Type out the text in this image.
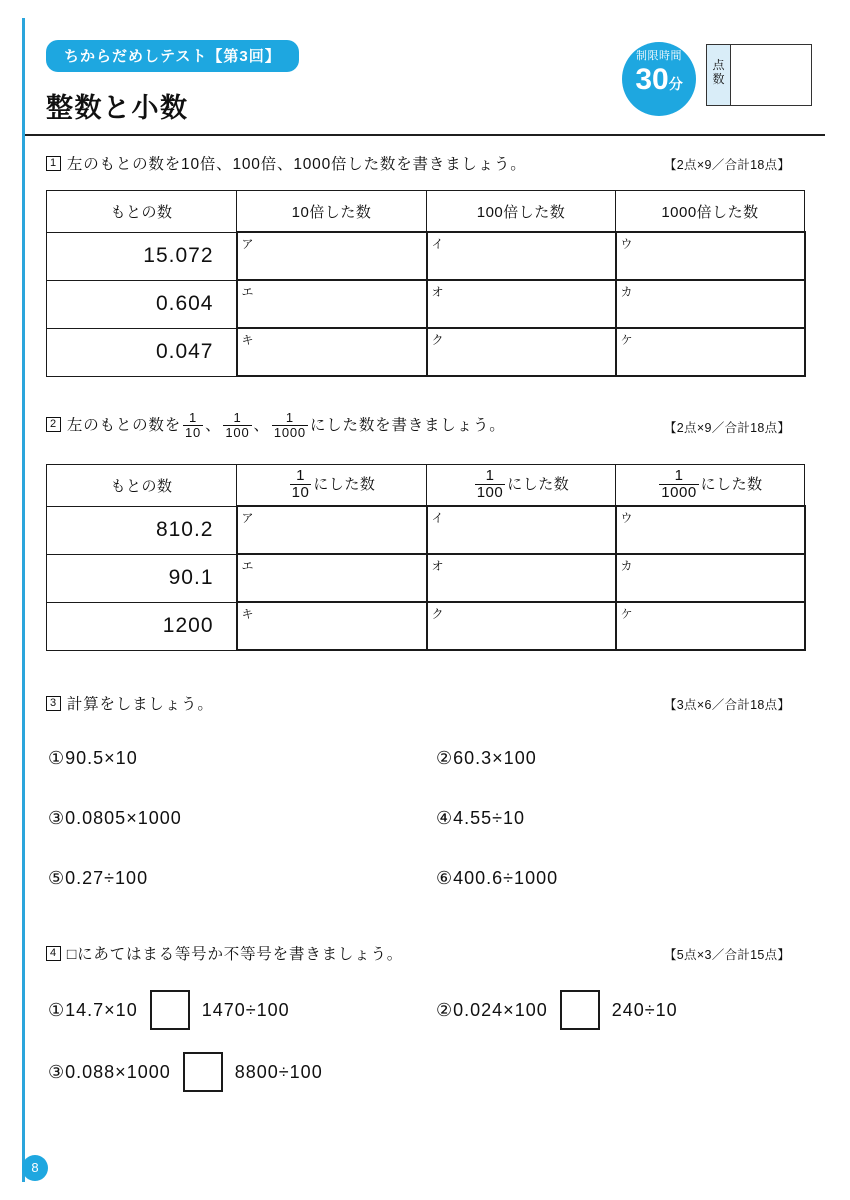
ちからだめしテスト【第3回】
整数と小数
制限時間
30分
点数
1 左のもとの数を10倍、100倍、1000倍した数を書きましょう。	【2点×9／合計18点】
もとの数	10倍した数	100倍した数	1000倍した数
15.072	ア	イ	ウ

0.604	エ	オ	カ

0.047	キ	ク	ケ
2 左のもとの数を $\frac{1}{10}$ 、 $\frac{1}{100}$ 、 $\frac{1}{1000}$ にした数を書きましょう。	【2点×9／合計18点】
もとの数	$\frac{1}{10}$ にした数	$\frac{1}{100}$ にした数	$\frac{1}{1000}$ にした数
810.2	ア	イ	ウ

90.1	エ	オ	カ

1200	キ	ク	ケ
3 計算をしましょう。	【3点×6／合計18点】
①90.5×10	②60.3×100
③0.0805×1000	④4.55÷10
⑤0.27÷100	⑥400.6÷1000
4 □にあてはまる等号か不等号を書きましょう。	【5点×3／合計15点】
①14.7×10	1470÷100	②0.024×100	240÷10
③0.088×1000	8800÷100
8
